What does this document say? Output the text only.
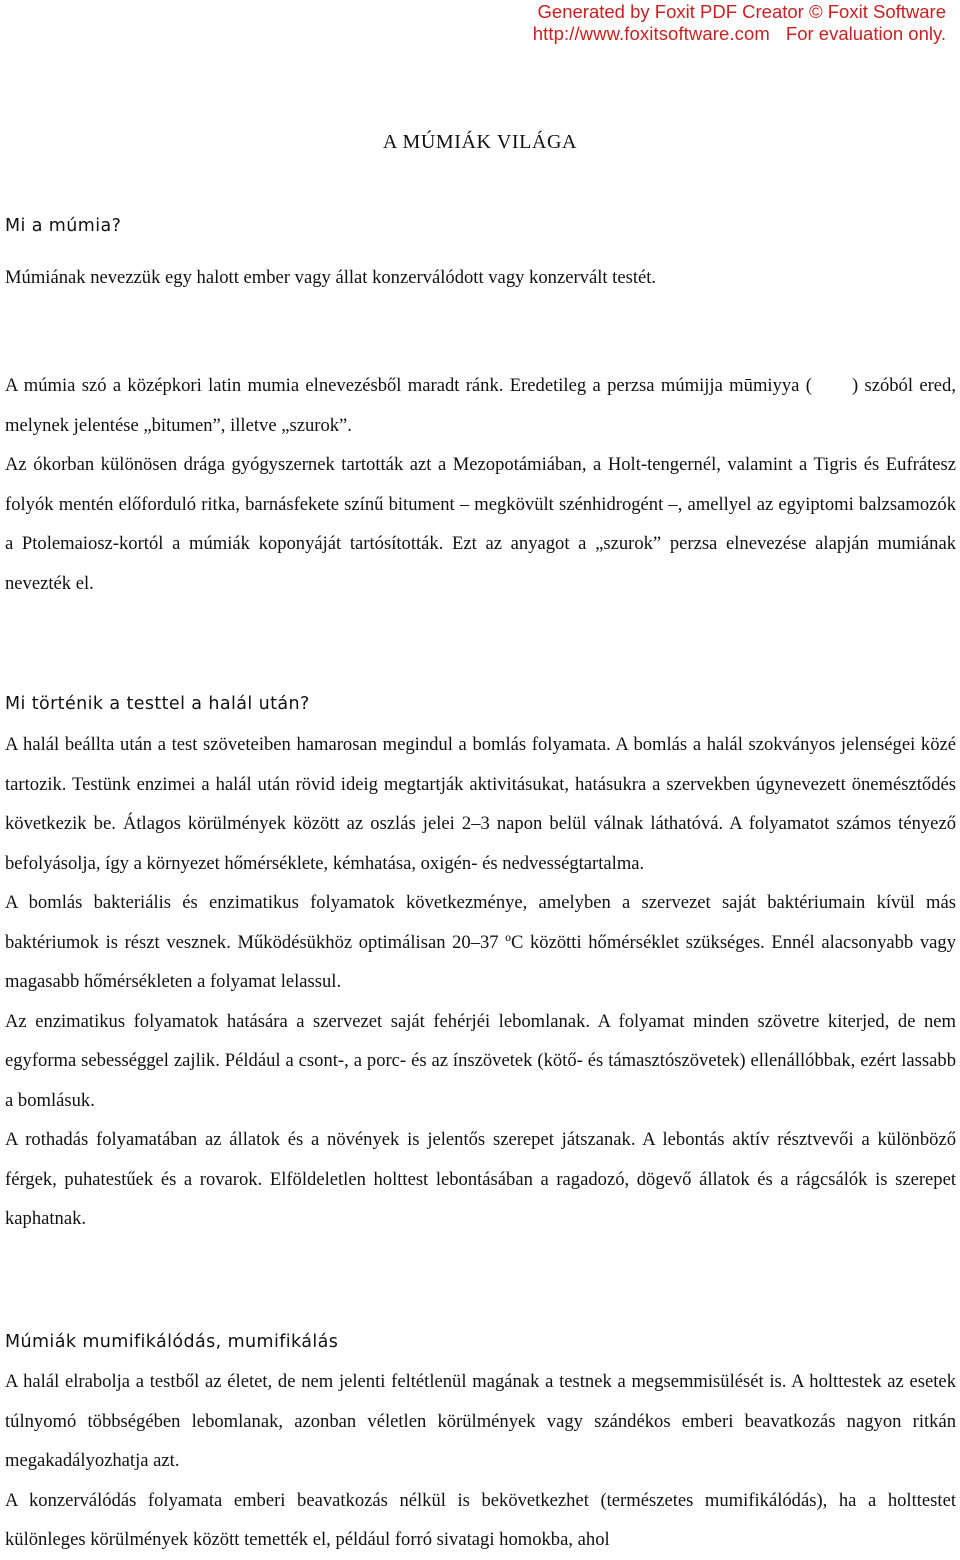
Generated by Foxit PDF Creator © Foxit Software
http://www.foxitsoftware.com For evaluation only.
A MÚMIÁK VILÁGA
Mi a múmia?

Múmiának nevezzük egy halott ember vagy állat konzerválódott vagy konzervált testét.

A múmia szó a középkori latin mumia elnevezésből maradt ránk. Eredetileg a perzsa múmijja mūmiyya ( ) szóból ered, melynek jelentése „bitumen”, illetve „szurok”.

Az ókorban különösen drága gyógyszernek tartották azt a Mezopotámiában, a Holt-tengernél, valamint a Tigris és Eufrátesz folyók mentén előforduló ritka, barnásfekete színű bitument – megkövült szénhidrogént –, amellyel az egyiptomi balzsamozók a Ptolemaiosz-kortól a múmiák koponyáját tartósították. Ezt az anyagot a „szurok” perzsa elnevezése alapján mumiának nevezték el.

Mi történik a testtel a halál után?

A halál beállta után a test szöveteiben hamarosan megindul a bomlás folyamata. A bomlás a halál szokványos jelenségei közé tartozik. Testünk enzimei a halál után rövid ideig megtartják aktivitásukat, hatásukra a szervekben úgynevezett önemésztődés következik be. Átlagos körülmények között az oszlás jelei 2–3 napon belül válnak láthatóvá. A folyamatot számos tényező befolyásolja, így a környezet hőmérséklete, kémhatása, oxigén- és nedvességtartalma.

A bomlás bakteriális és enzimatikus folyamatok következménye, amelyben a szervezet saját baktériumain kívül más baktériumok is részt vesznek. Működésükhöz optimálisan 20–37 ºC közötti hőmérséklet szükséges. Ennél alacsonyabb vagy magasabb hőmérsékleten a folyamat lelassul.

Az enzimatikus folyamatok hatására a szervezet saját fehérjéi lebomlanak. A folyamat minden szövetre kiterjed, de nem egyforma sebességgel zajlik. Például a csont-, a porc- és az ínszövetek (kötő- és támasztószövetek) ellenállóbbak, ezért lassabb a bomlásuk.

A rothadás folyamatában az állatok és a növények is jelentős szerepet játszanak. A lebontás aktív résztvevői a különböző férgek, puhatestűek és a rovarok. Elföldeletlen holttest lebontásában a ragadozó, dögevő állatok és a rágcsálók is szerepet kaphatnak.

Múmiák mumifikálódás, mumifikálás

A halál elrabolja a testből az életet, de nem jelenti feltétlenül magának a testnek a megsemmisülését is. A holttestek az esetek túlnyomó többségében lebomlanak, azonban véletlen körülmények vagy szándékos emberi beavatkozás nagyon ritkán megakadályozhatja azt.

A konzerválódás folyamata emberi beavatkozás nélkül is bekövetkezhet (természetes mumifikálódás), ha a holttestet különleges körülmények között temették el, például forró sivatagi homokba, ahol
